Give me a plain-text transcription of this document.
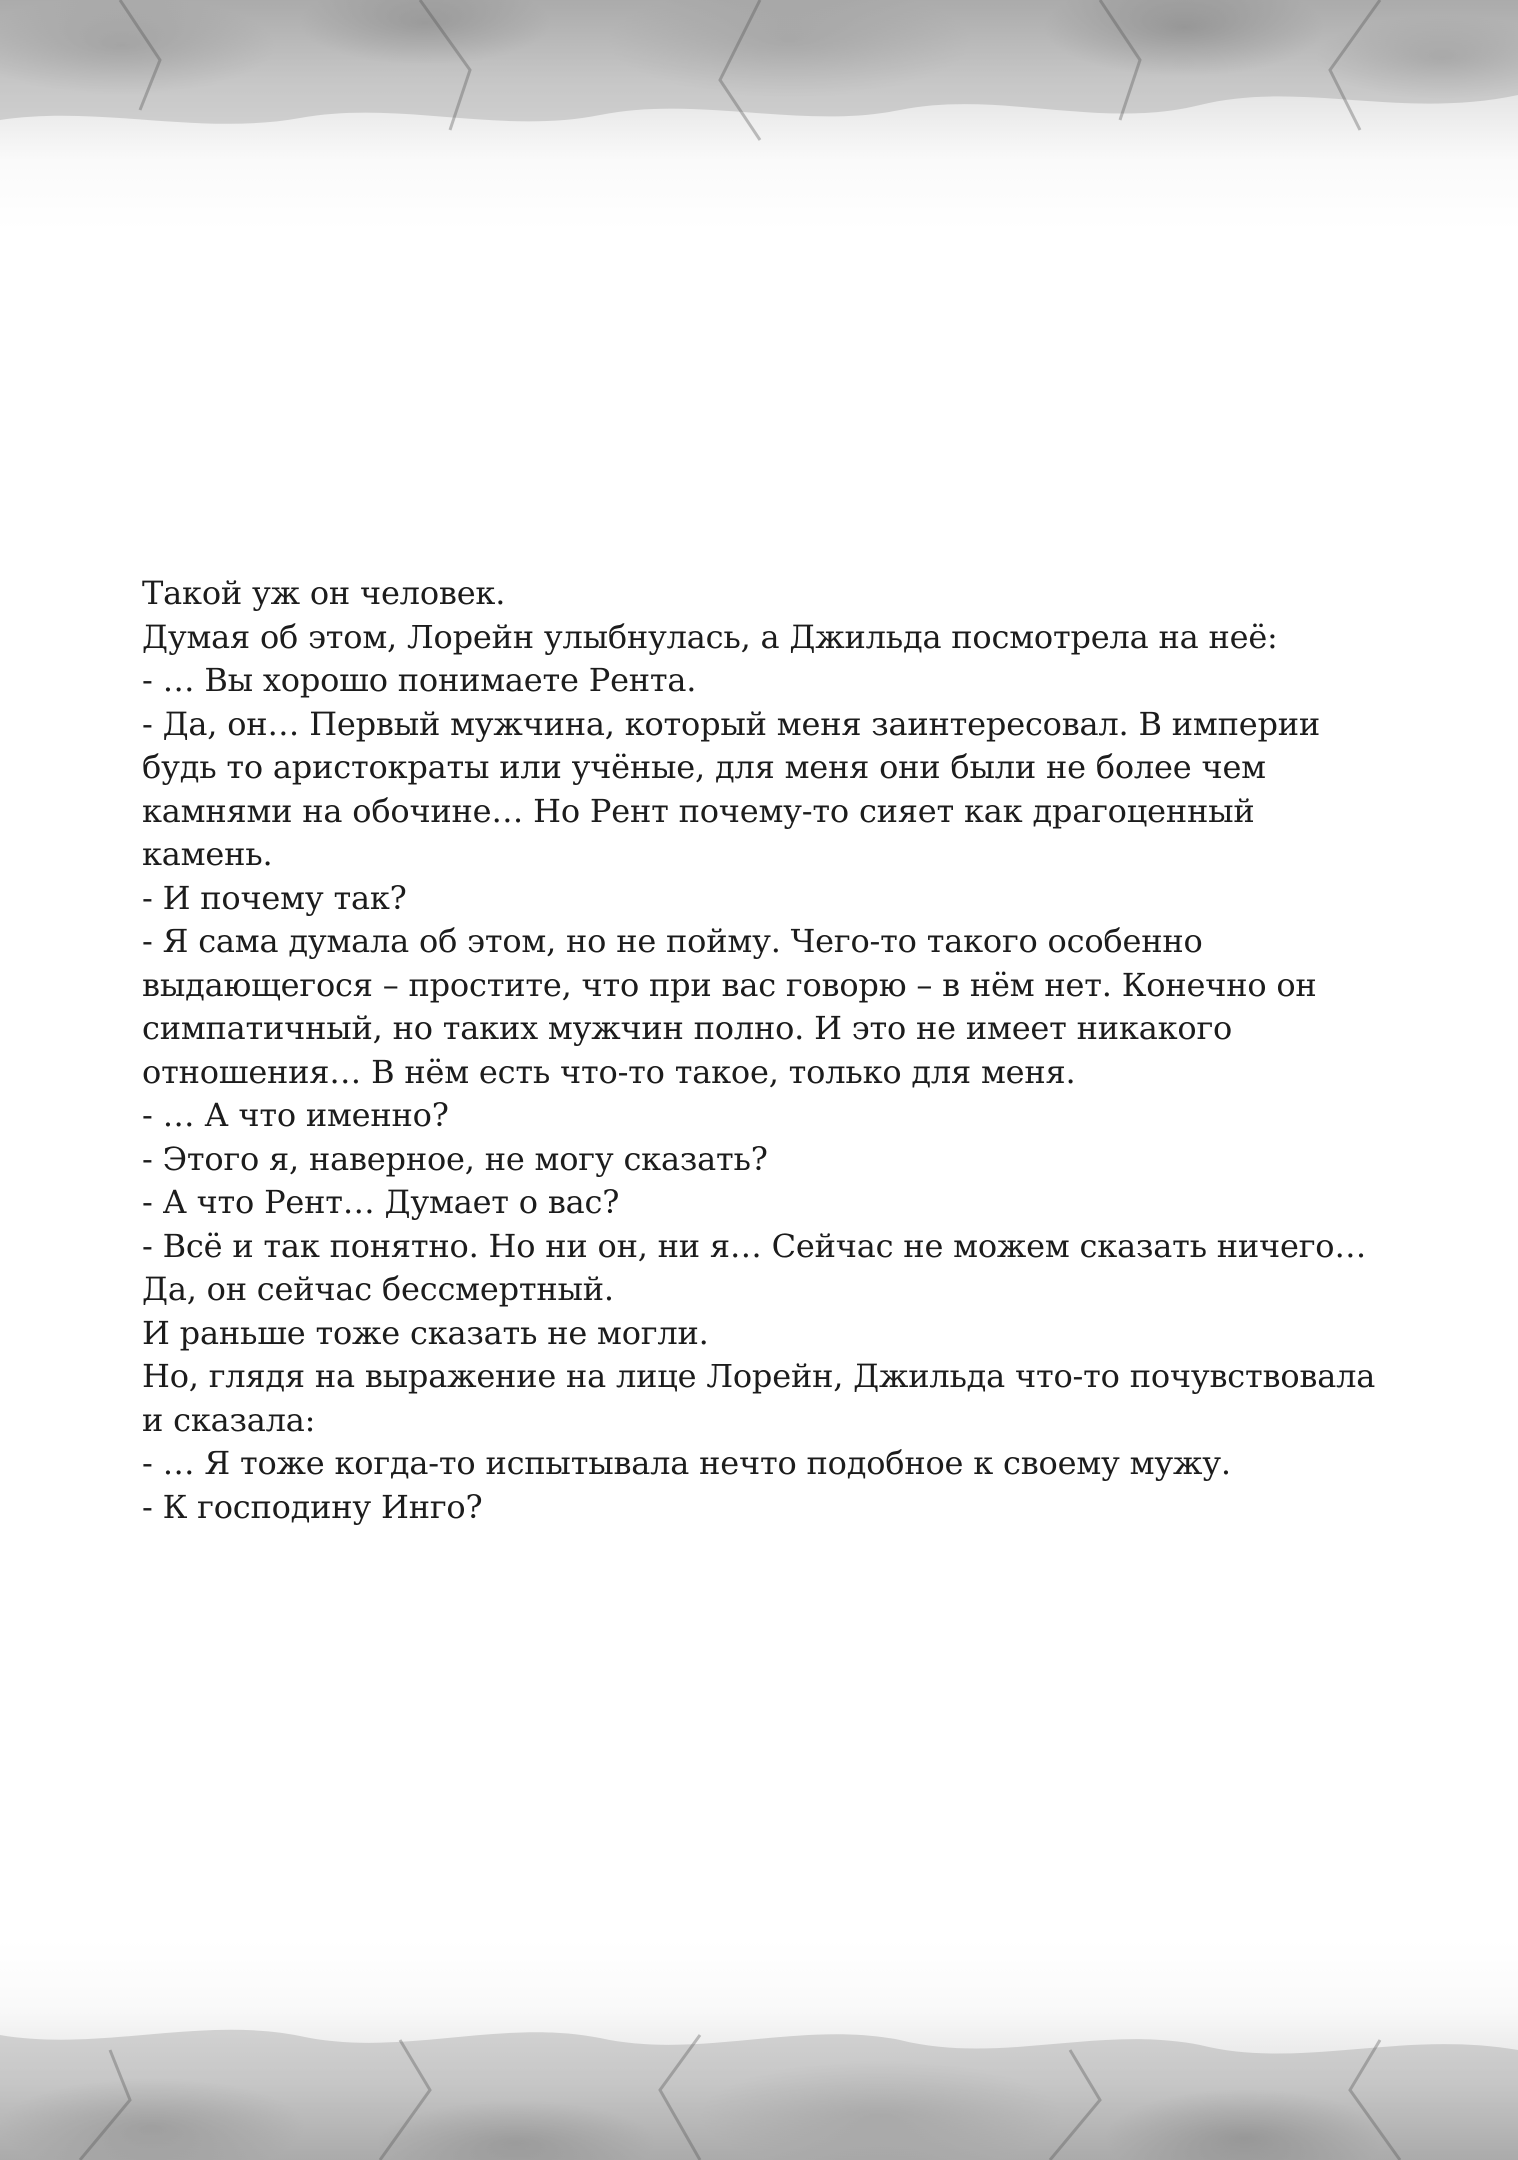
Такой уж он человек.
Думая об этом, Лорейн улыбнулась, а Джильда посмотрела на неё:
- … Вы хорошо понимаете Рента.
- Да, он… Первый мужчина, который меня заинтересовал. В империи
будь то аристократы или учёные, для меня они были не более чем
камнями на обочине… Но Рент почему-то сияет как драгоценный
камень.
- И почему так?
- Я сама думала об этом, но не пойму. Чего-то такого особенно
выдающегося – простите, что при вас говорю – в нём нет. Конечно он
симпатичный, но таких мужчин полно. И это не имеет никакого
отношения… В нём есть что-то такое, только для меня.
- … А что именно?
- Этого я, наверное, не могу сказать?
- А что Рент… Думает о вас?
- Всё и так понятно. Но ни он, ни я… Сейчас не можем сказать ничего…
Да, он сейчас бессмертный.
И раньше тоже сказать не могли.
Но, глядя на выражение на лице Лорейн, Джильда что-то почувствовала
и сказала:
- … Я тоже когда-то испытывала нечто подобное к своему мужу.
- К господину Инго?
